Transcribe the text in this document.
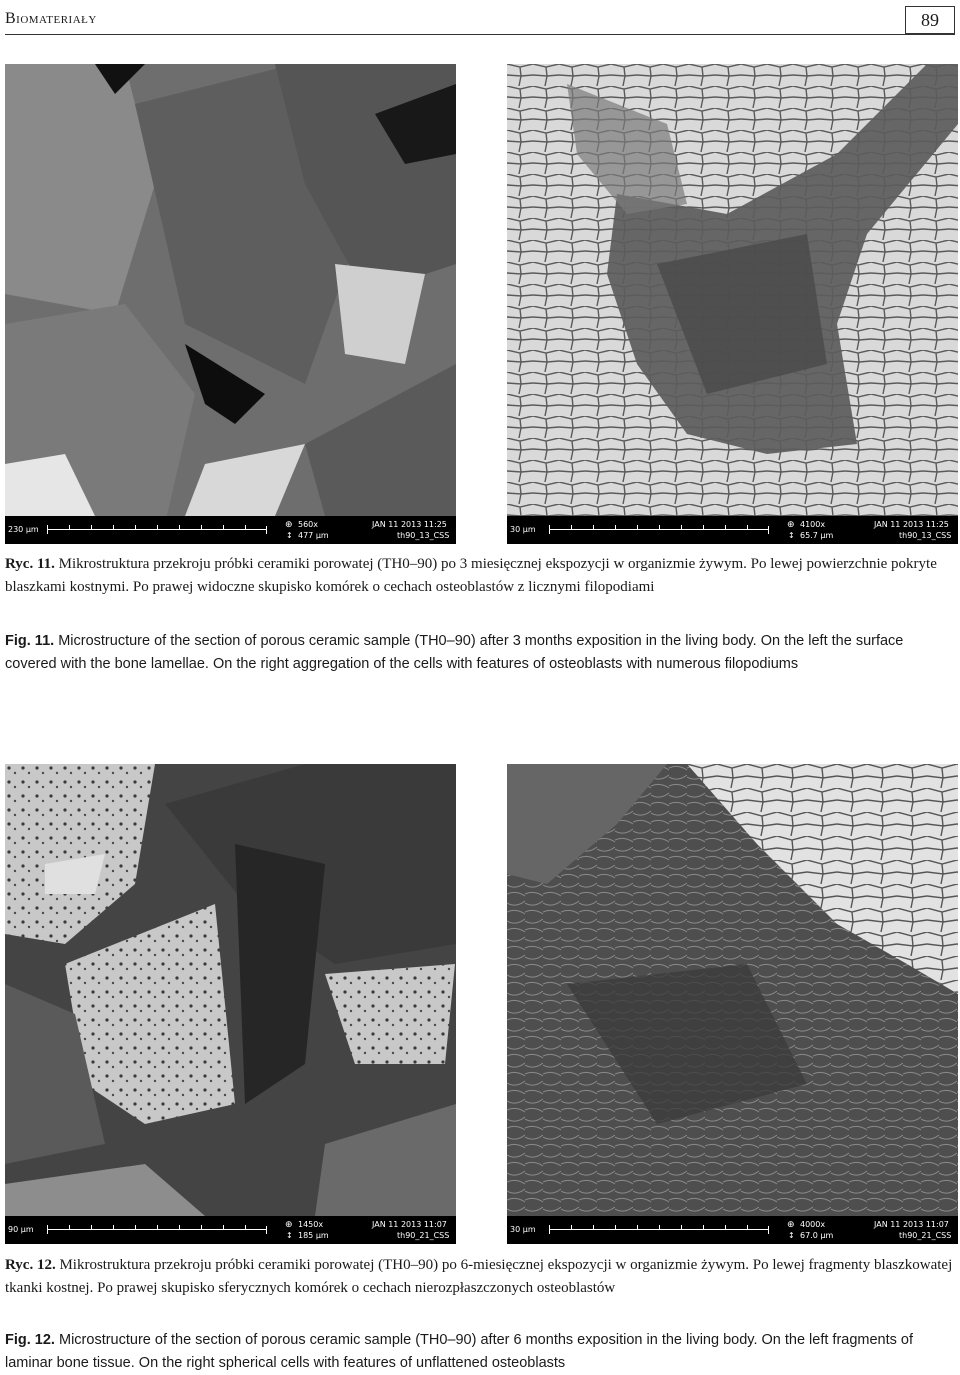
Biomateriały	89
230 μm	⊕
↕
560x
477 μm
JAN 11 2013 11:25
th90_13_CSS
30 μm	⊕
↕
4100x
65.7 μm
JAN 11 2013 11:25
th90_13_CSS
Ryc. 11. Mikrostruktura przekroju próbki ceramiki porowatej (TH0–90) po 3 miesięcznej ekspozycji w organizmie żywym. Po lewej powierzchnie pokryte blaszkami kostnymi. Po prawej widoczne skupisko komórek o cechach osteoblastów z licznymi filopodiami
Fig. 11. Microstructure of the section of porous ceramic sample (TH0–90) after 3 months exposition in the living body. On the left the surface covered with the bone lamellae. On the right aggregation of the cells with features of osteoblasts with numerous filopodiums
90 μm	⊕
↕
1450x
185 μm
JAN 11 2013 11:07
th90_21_CSS
30 μm	⊕
↕
4000x
67.0 μm
JAN 11 2013 11:07
th90_21_CSS
Ryc. 12. Mikrostruktura przekroju próbki ceramiki porowatej (TH0–90) po 6-miesięcznej ekspozycji w organizmie żywym. Po lewej fragmenty blaszkowatej tkanki kostnej. Po prawej skupisko sferycznych komórek o cechach nierozpłaszczonych osteoblastów
Fig. 12. Microstructure of the section of porous ceramic sample (TH0–90) after 6 months exposition in the living body. On the left fragments of laminar bone tissue. On the right spherical cells with features of unflattened osteoblasts
